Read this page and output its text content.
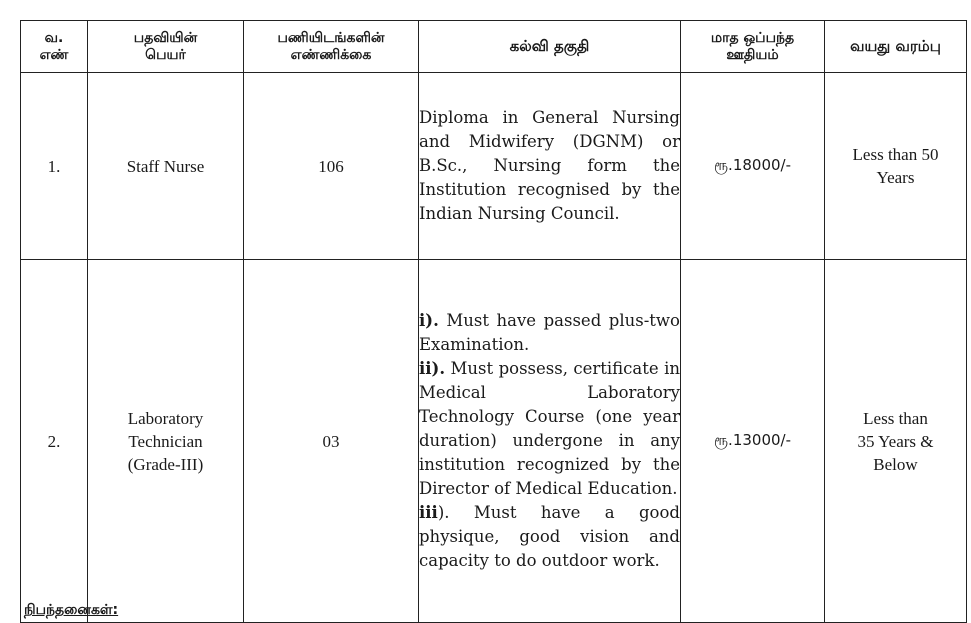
வ. எண்	பதவியின் பெயர்	பணியிடங்களின் எண்ணிக்கை	கல்வி தகுதி	மாத ஒப்பந்த ஊதியம்	வயது வரம்பு
1.	Staff Nurse	106	Diploma in General Nursing and Midwifery (DGNM) or B.Sc., Nursing form the Institution recognised by the Indian Nursing Council.	ரூ.18000/-	Less than 50 Years
2.	Laboratory Technician (Grade-III)	03	i). Must have passed plus-two Examination.

ii). Must possess, certificate in Medical Laboratory Technology Course (one year duration) undergone in any institution recognized by the Director of Medical Education.

iii). Must have a good physique, good vision and capacity to do outdoor work.	ரூ.13000/-	Less than 35 Years & Below
நிபந்தனைகள்:
